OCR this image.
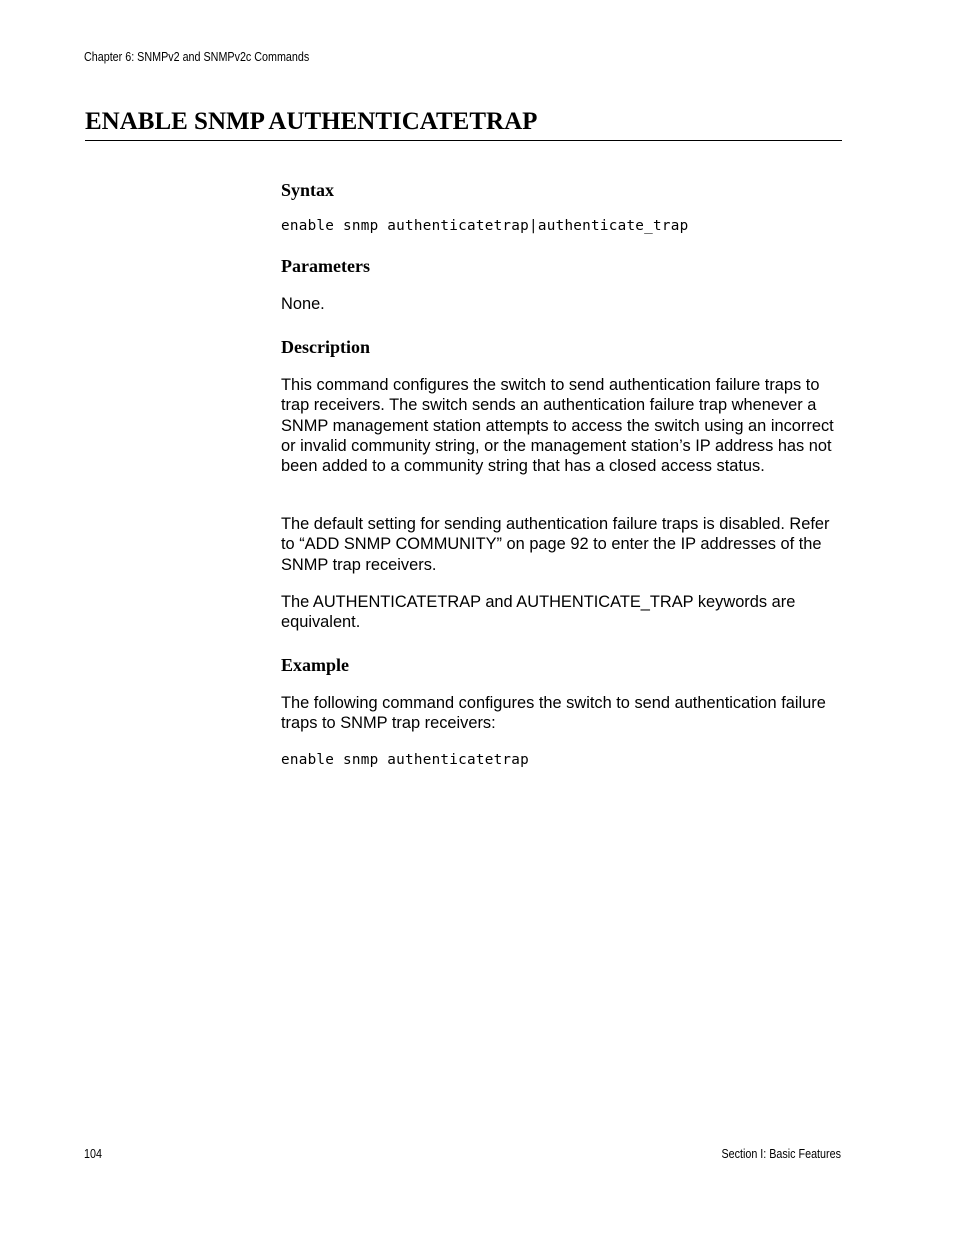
Chapter 6: SNMPv2 and SNMPv2c Commands
ENABLE SNMP AUTHENTICATETRAP
Syntax
enable snmp authenticatetrap|authenticate_trap
Parameters

None.

Description

This command configures the switch to send authentication failure traps to trap receivers. The switch sends an authentication failure trap whenever a SNMP management station attempts to access the switch using an incorrect or invalid community string, or the management station’s IP address has not been added to a community string that has a closed access status.

The default setting for sending authentication failure traps is disabled. Refer to “ADD SNMP COMMUNITY” on page 92 to enter the IP addresses of the SNMP trap receivers.

The AUTHENTICATETRAP and AUTHENTICATE_TRAP keywords are equivalent.

Example

The following command configures the switch to send authentication failure traps to SNMP trap receivers:

enable snmp authenticatetrap
104	Section I: Basic Features
